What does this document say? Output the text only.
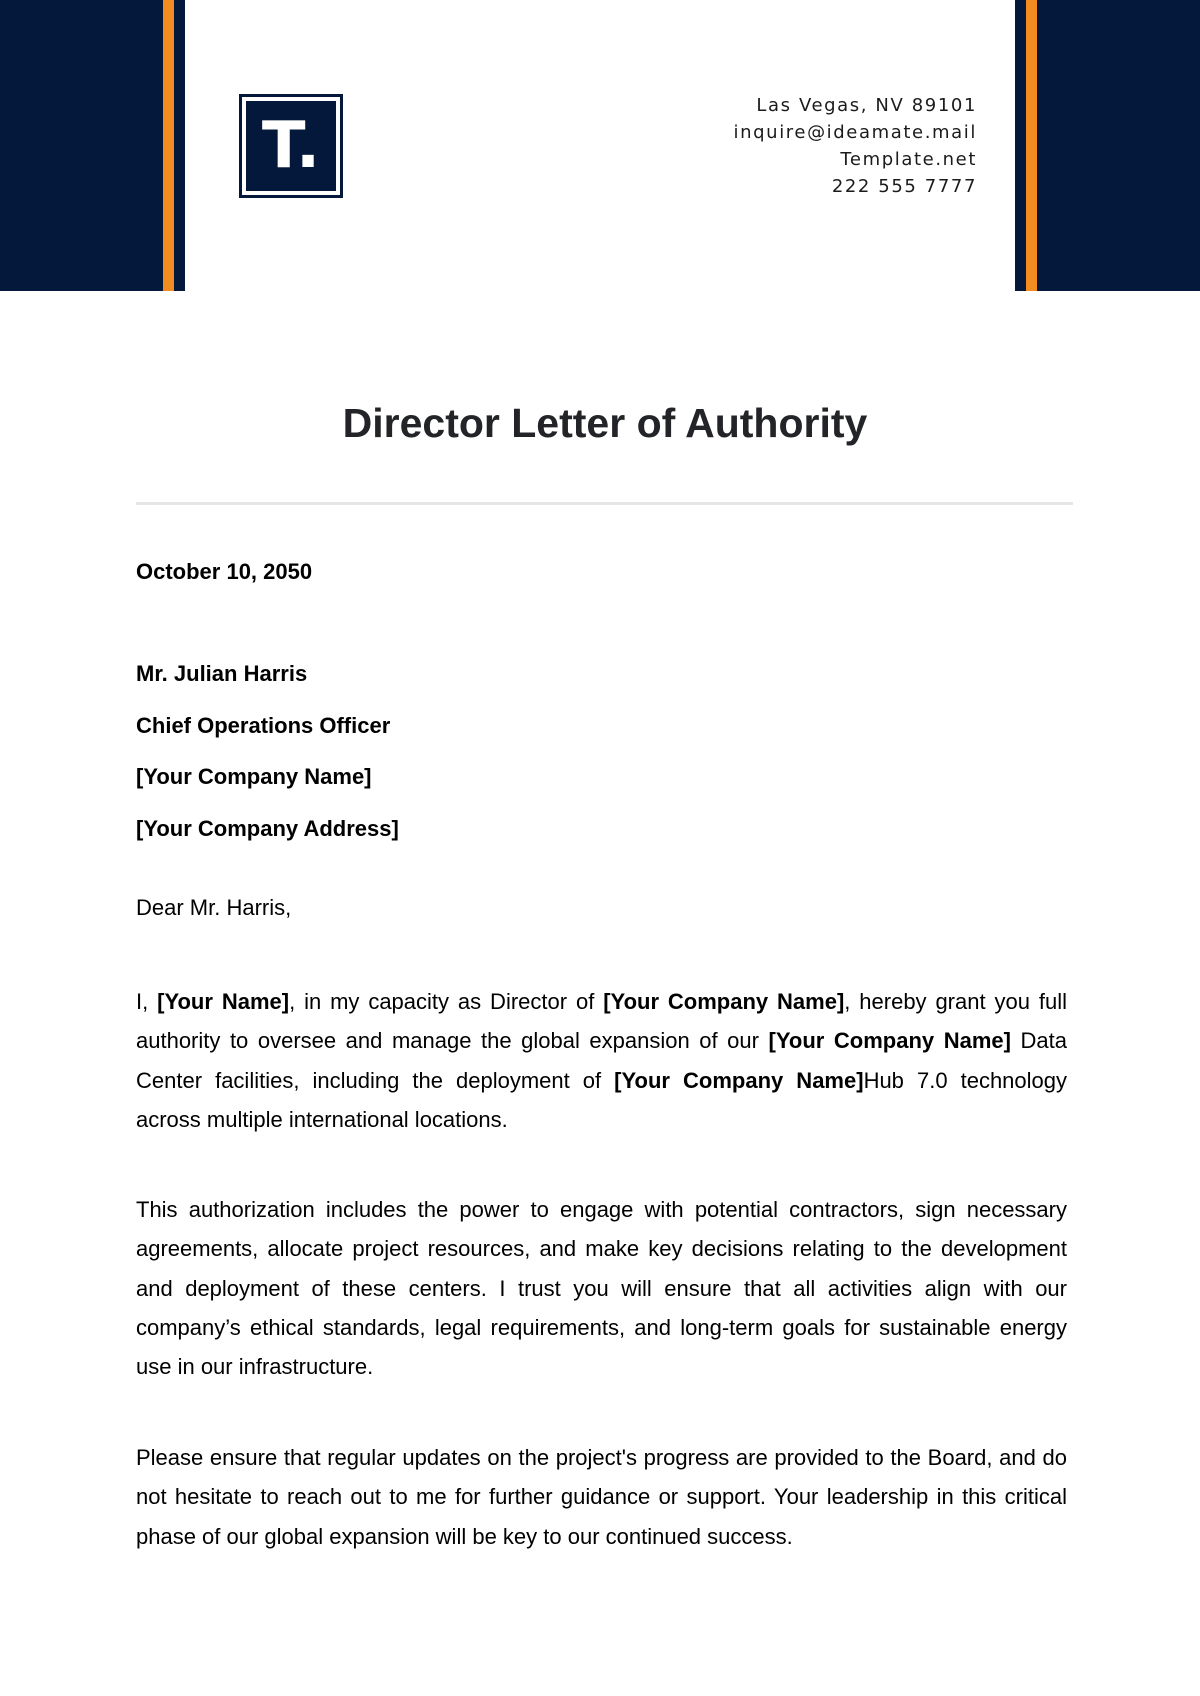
T.
Las Vegas, NV 89101
inquire@ideamate.mail
Template.net
222 555 7777
Director Letter of Authority
October 10, 2050
Mr. Julian Harris
Chief Operations Officer
[Your Company Name]
[Your Company Address]
Dear Mr. Harris,

I, [Your Name], in my capacity as Director of [Your Company Name], hereby grant you full authority to oversee and manage the global expansion of our [Your Company Name] Data Center facilities, including the deployment of [Your Company Name]Hub 7.0 technology across multiple international locations.

This authorization includes the power to engage with potential contractors, sign necessary agreements, allocate project resources, and make key decisions relating to the development and deployment of these centers. I trust you will ensure that all activities align with our company’s ethical standards, legal requirements, and long-term goals for sustainable energy use in our infrastructure.

Please ensure that regular updates on the project's progress are provided to the Board, and do not hesitate to reach out to me for further guidance or support. Your leadership in this critical phase of our global expansion will be key to our continued success.
